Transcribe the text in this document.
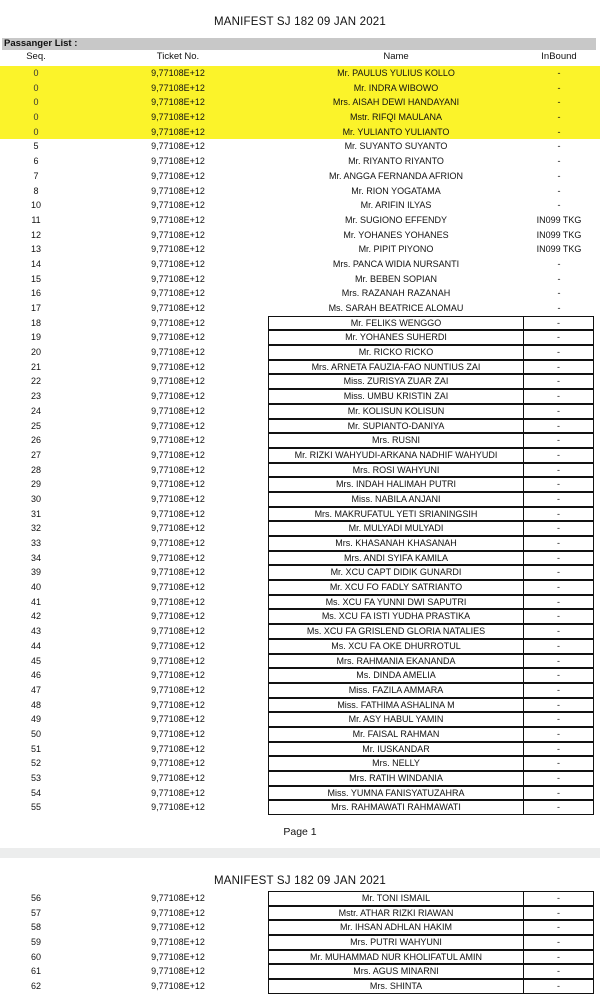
MANIFEST SJ 182 09 JAN 2021
Passanger List :
Seq.	Ticket No.	Name	InBound
0	9,77108E+12	Mr. PAULUS YULIUS KOLLO	-
0	9,77108E+12	Mr. INDRA WIBOWO	-
0	9,77108E+12	Mrs. AISAH DEWI HANDAYANI	-
0	9,77108E+12	Mstr. RIFQI MAULANA	-
0	9,77108E+12	Mr. YULIANTO YULIANTO	-
5	9,77108E+12	Mr. SUYANTO SUYANTO	-
6	9,77108E+12	Mr. RIYANTO RIYANTO	-
7	9,77108E+12	Mr. ANGGA FERNANDA AFRION	-
8	9,77108E+12	Mr. RION YOGATAMA	-
10	9,77108E+12	Mr. ARIFIN ILYAS	-
11	9,77108E+12	Mr. SUGIONO EFFENDY	IN099 TKG
12	9,77108E+12	Mr. YOHANES YOHANES	IN099 TKG
13	9,77108E+12	Mr. PIPIT PIYONO	IN099 TKG
14	9,77108E+12	Mrs. PANCA WIDIA NURSANTI	-
15	9,77108E+12	Mr. BEBEN SOPIAN	-
16	9,77108E+12	Mrs. RAZANAH RAZANAH	-
17	9,77108E+12	Ms. SARAH BEATRICE ALOMAU	-
18	9,77108E+12	Mr. FELIKS WENGGO	-
19	9,77108E+12	Mr. YOHANES SUHERDI	-
20	9,77108E+12	Mr. RICKO RICKO	-
21	9,77108E+12	Mrs. ARNETA FAUZIA-FAO NUNTIUS ZAI	-
22	9,77108E+12	Miss. ZURISYA ZUAR ZAI	-
23	9,77108E+12	Miss. UMBU KRISTIN ZAI	-
24	9,77108E+12	Mr. KOLISUN KOLISUN	-
25	9,77108E+12	Mr. SUPIANTO-DANIYA	-
26	9,77108E+12	Mrs. RUSNI	-
27	9,77108E+12	Mr. RIZKI WAHYUDI-ARKANA NADHIF WAHYUDI	-
28	9,77108E+12	Mrs. ROSI WAHYUNI	-
29	9,77108E+12	Mrs. INDAH HALIMAH PUTRI	-
30	9,77108E+12	Miss. NABILA ANJANI	-
31	9,77108E+12	Mrs. MAKRUFATUL YETI SRIANINGSIH	-
32	9,77108E+12	Mr. MULYADI MULYADI	-
33	9,77108E+12	Mrs. KHASANAH KHASANAH	-
34	9,77108E+12	Mrs. ANDI SYIFA KAMILA	-
39	9,77108E+12	Mr. XCU CAPT DIDIK GUNARDI	-
40	9,77108E+12	Mr. XCU FO FADLY SATRIANTO	-
41	9,77108E+12	Ms. XCU FA YUNNI DWI SAPUTRI	-
42	9,77108E+12	Ms. XCU FA ISTI YUDHA PRASTIKA	-
43	9,77108E+12	Ms. XCU FA GRISLEND GLORIA NATALIES	-
44	9,77108E+12	Ms. XCU FA OKE DHURROTUL	-
45	9,77108E+12	Mrs. RAHMANIA EKANANDA	-
46	9,77108E+12	Ms. DINDA AMELIA	-
47	9,77108E+12	Miss. FAZILA AMMARA	-
48	9,77108E+12	Miss. FATHIMA ASHALINA M	-
49	9,77108E+12	Mr. ASY HABUL YAMIN	-
50	9,77108E+12	Mr. FAISAL RAHMAN	-
51	9,77108E+12	Mr. IUSKANDAR	-
52	9,77108E+12	Mrs. NELLY	-
53	9,77108E+12	Mrs. RATIH WINDANIA	-
54	9,77108E+12	Miss. YUMNA FANISYATUZAHRA	-
55	9,77108E+12	Mrs. RAHMAWATI RAHMAWATI	-
Page 1
MANIFEST SJ 182 09 JAN 2021
56	9,77108E+12	Mr. TONI ISMAIL	-
57	9,77108E+12	Mstr. ATHAR RIZKI RIAWAN	-
58	9,77108E+12	Mr. IHSAN ADHLAN HAKIM	-
59	9,77108E+12	Mrs. PUTRI WAHYUNI	-
60	9,77108E+12	Mr. MUHAMMAD NUR KHOLIFATUL AMIN	-
61	9,77108E+12	Mrs. AGUS MINARNI	-
62	9,77108E+12	Mrs. SHINTA	-
